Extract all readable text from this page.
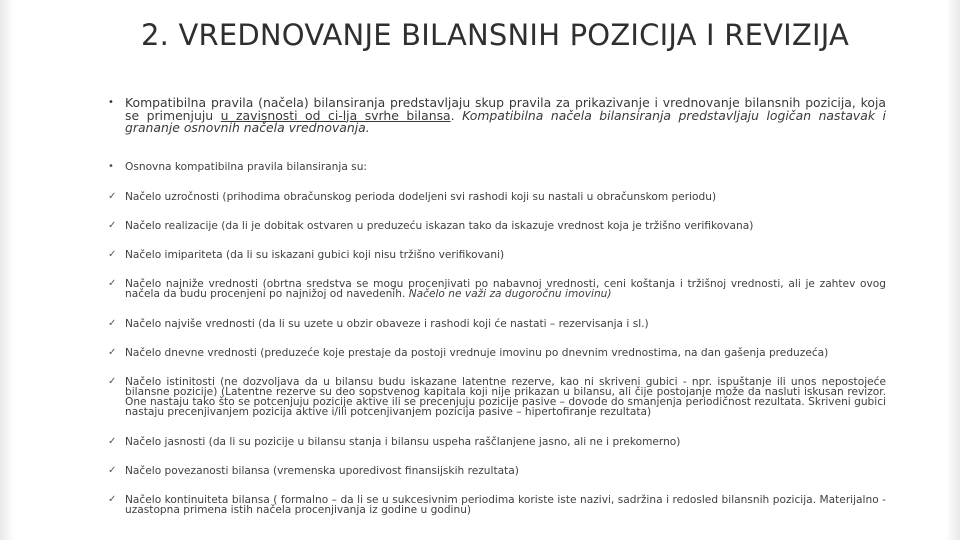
2. VREDNOVANJE BILANSNIH POZICIJA I REVIZIJA
• Kompatibilna pravila (načela) bilansiranja predstavljaju skup pravila za prikazivanje i vrednovanje bilansnih pozicija, koja se primenjuju u zavisnosti od ci-lja svrhe bilansa. Kompatibilna načela bilansiranja predstavljaju logičan nastavak i grananje osnovnih načela vrednovanja.
• Osnovna kompatibilna pravila bilansiranja su:
✓ Načelo uzročnosti (prihodima obračunskog perioda dodeljeni svi rashodi koji su nastali u obračunskom periodu)
✓ Načelo realizacije (da li je dobitak ostvaren u preduzeću iskazan tako da iskazuje vrednost koja je tržišno verifikovana)
✓ Načelo imipariteta (da li su iskazani gubici koji nisu tržišno verifikovani)
✓ Načelo najniže vrednosti (obrtna sredstva se mogu procenjivati po nabavnoj vrednosti, ceni koštanja i tržišnoj vrednosti, ali je zahtev ovog načela da budu procenjeni po najnižoj od navedenih. Načelo ne važi za dugoročnu imovinu)
✓ Načelo najviše vrednosti (da li su uzete u obzir obaveze i rashodi koji će nastati – rezervisanja i sl.)
✓ Načelo dnevne vrednosti (preduzeće koje prestaje da postoji vrednuje imovinu po dnevnim vrednostima, na dan gašenja preduzeća)
✓ Načelo istinitosti (ne dozvoljava da u bilansu budu iskazane latentne rezerve, kao ni skriveni gubici - npr. ispuštanje ili unos nepostojeće bilansne pozicije) (Latentne rezerve su deo sopstvenog kapitala koji nije prikazan u bilansu, ali čije postojanje može da nasluti iskusan revizor. One nastaju tako što se potcenjuju pozicije aktive ili se precenjuju pozicije pasive – dovode do smanjenja periodičnost rezultata. Skriveni gubici nastaju precenjivanjem pozicija aktive i/ili potcenjivanjem pozicija pasive – hipertofiranje rezultata)
✓ Načelo jasnosti (da li su pozicije u bilansu stanja i bilansu uspeha raščlanjene jasno, ali ne i prekomerno)
✓ Načelo povezanosti bilansa (vremenska uporedivost finansijskih rezultata)
✓ Načelo kontinuiteta bilansa ( formalno – da li se u sukcesivnim periodima koriste iste nazivi, sadržina i redosled bilansnih pozicija. Materijalno - uzastopna primena istih načela procenjivanja iz godine u godinu)
